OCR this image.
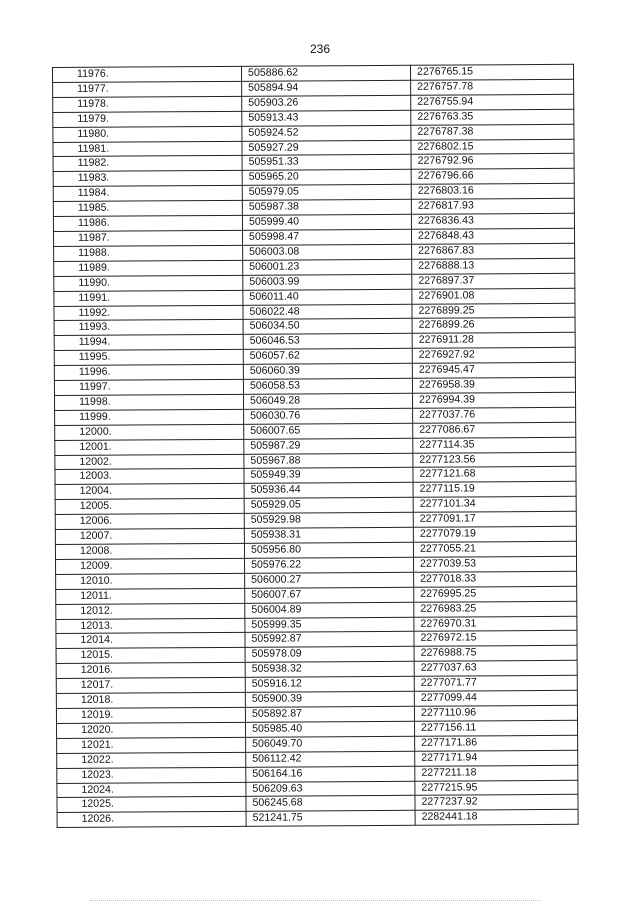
236
11976.	505886.62	2276765.15
11977.	505894.94	2276757.78
11978.	505903.26	2276755.94
11979.	505913.43	2276763.35
11980.	505924.52	2276787.38
11981.	505927.29	2276802.15
11982.	505951.33	2276792.96
11983.	505965.20	2276796.66
11984.	505979.05	2276803.16
11985.	505987.38	2276817.93
11986.	505999.40	2276836.43
11987.	505998.47	2276848.43
11988.	506003.08	2276867.83
11989.	506001.23	2276888.13
11990.	506003.99	2276897.37
11991.	506011.40	2276901.08
11992.	506022.48	2276899.25
11993.	506034.50	2276899.26
11994.	506046.53	2276911.28
11995.	506057.62	2276927.92
11996.	506060.39	2276945.47
11997.	506058.53	2276958.39
11998.	506049.28	2276994.39
11999.	506030.76	2277037.76
12000.	506007.65	2277086.67
12001.	505987.29	2277114.35
12002.	505967.88	2277123.56
12003.	505949.39	2277121.68
12004.	505936.44	2277115.19
12005.	505929.05	2277101.34
12006.	505929.98	2277091.17
12007.	505938.31	2277079.19
12008.	505956.80	2277055.21
12009.	505976.22	2277039.53
12010.	506000.27	2277018.33
12011.	506007.67	2276995.25
12012.	506004.89	2276983.25
12013.	505999.35	2276970.31
12014.	505992.87	2276972.15
12015.	505978.09	2276988.75
12016.	505938.32	2277037.63
12017.	505916.12	2277071.77
12018.	505900.39	2277099.44
12019.	505892.87	2277110.96
12020.	505985.40	2277156.11
12021.	506049.70	2277171.86
12022.	506112.42	2277171.94
12023.	506164.16	2277211.18
12024.	506209.63	2277215.95
12025.	506245.68	2277237.92
12026.	521241.75	2282441.18
